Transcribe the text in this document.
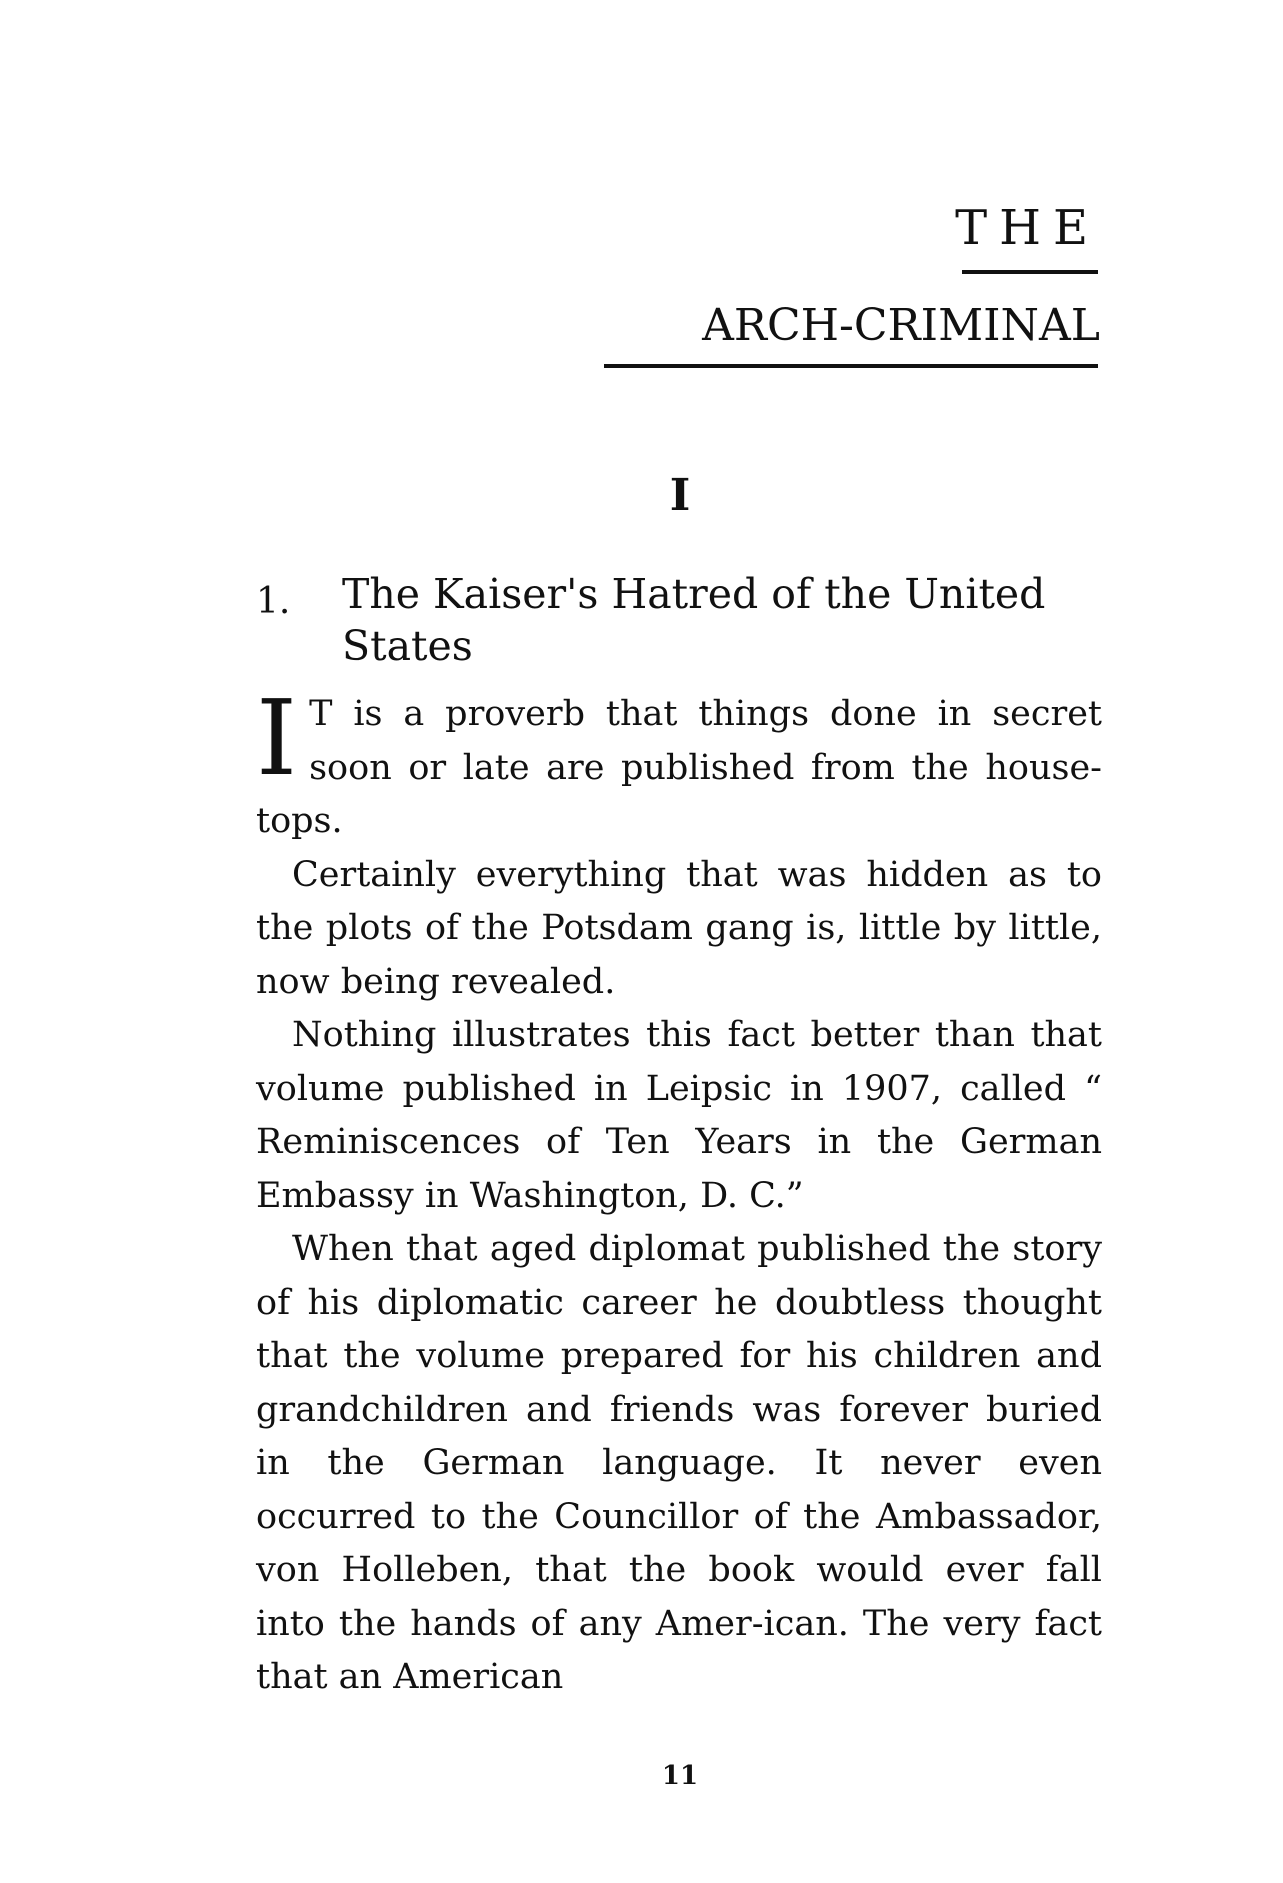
THE
ARCH-CRIMINAL
I
1. The Kaiser's Hatred of the United States

I T is a proverb that things done in secret soon or late are published from the house-tops.

Certainly everything that was hidden as to the plots of the Potsdam gang is, little by little, now being revealed.

Nothing illustrates this fact better than that volume published in Leipsic in 1907, called “ Reminiscences of Ten Years in the German Embassy in Washington, D. C.”

When that aged diplomat published the story of his diplomatic career he doubtless thought that the volume prepared for his children and grandchildren and friends was forever buried in the German language. It never even occurred to the Councillor of the Ambassador, von Holleben, that the book would ever fall into the hands of any Amer-ican. The very fact that an American

11
